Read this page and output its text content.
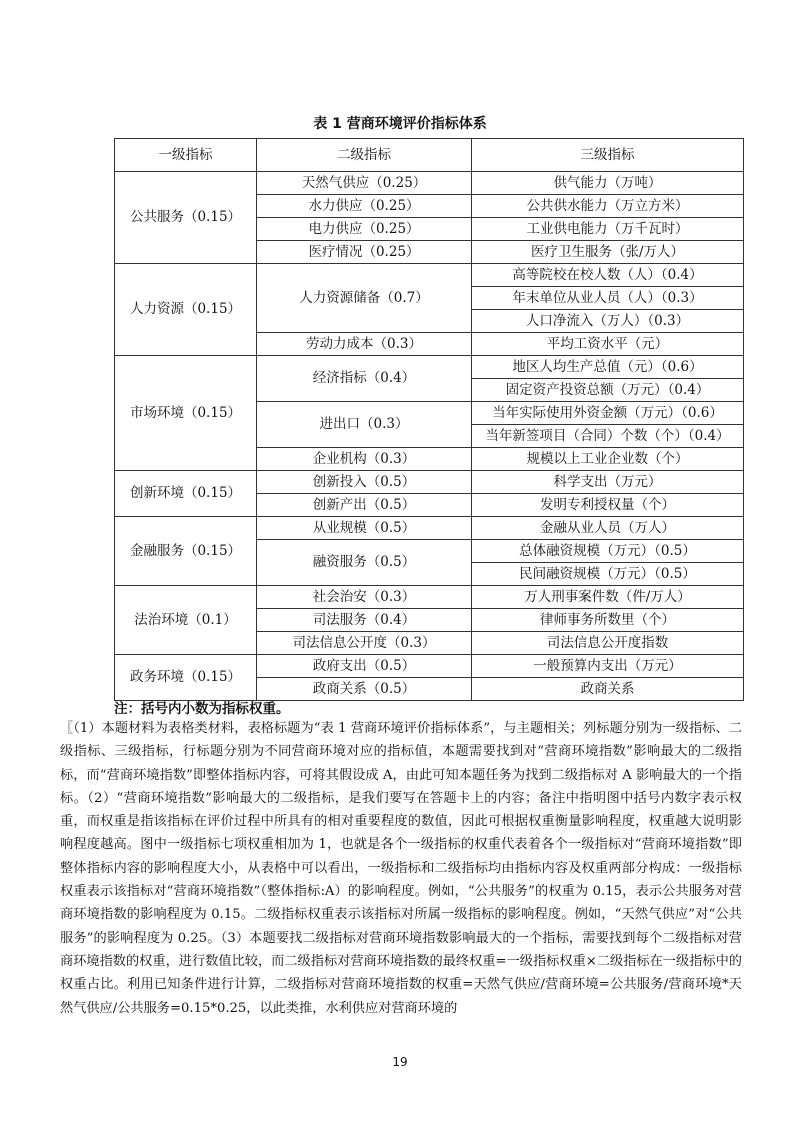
表 1 营商环境评价指标体系
一级指标	二级指标	三级指标
公共服务（0.15）	天然气供应（0.25）	供气能力（万吨）
	水力供应（0.25）	公共供水能力（万立方米）
	电力供应（0.25）	工业供电能力（万千瓦时）
	医疗情况（0.25）	医疗卫生服务（张/万人）
人力资源（0.15）	人力资源储备（0.7）	高等院校在校人数（人）（0.4）
		年末单位从业人员（人）（0.3）
		人口净流入（万人）（0.3）
	劳动力成本（0.3）	平均工资水平（元）
市场环境（0.15）	经济指标（0.4）	地区人均生产总值（元）（0.6）
		固定资产投资总额（万元）（0.4）
	进出口（0.3）	当年实际使用外资金额（万元）（0.6）
		当年新签项目（合同）个数（个）（0.4）
	企业机构（0.3）	规模以上工业企业数（个）
创新环境（0.15）	创新投入（0.5）	科学支出（万元）
	创新产出（0.5）	发明专利授权量（个）
金融服务（0.15）	从业规模（0.5）	金融从业人员（万人）
	融资服务（0.5）	总体融资规模（万元）（0.5）
		民间融资规模（万元）（0.5）
法治环境（0.1）	社会治安（0.3）	万人刑事案件数（件/万人）
	司法服务（0.4）	律师事务所数里（个）
	司法信息公开度（0.3）	司法信息公开度指数
政务环境（0.15）	政府支出（0.5）	一般预算内支出（万元）
	政商关系（0.5）	政商关系
注：括号内小数为指标权重。

〖（1）本题材料为表格类材料，表格标题为“表 1 营商环境评价指标体系”，与主题相关；列标题分别为一级指标、二级指标、三级指标，行标题分别为不同营商环境对应的指标值，本题需要找到对“营商环境指数”影响最大的二级指标，而“营商环境指数”即整体指标内容，可将其假设成 A，由此可知本题任务为找到二级指标对 A 影响最大的一个指标。（2）“营商环境指数”影响最大的二级指标，是我们要写在答题卡上的内容；备注中指明图中括号内数字表示权重，而权重是指该指标在评价过程中所具有的相对重要程度的数值，因此可根据权重衡量影响程度，权重越大说明影响程度越高。图中一级指标七项权重相加为 1，也就是各个一级指标的权重代表着各个一级指标对“营商环境指数”即整体指标内容的影响程度大小，从表格中可以看出，一级指标和二级指标均由指标内容及权重两部分构成：一级指标权重表示该指标对“营商环境指数”（整体指标:A）的影响程度。例如，“公共服务”的权重为 0.15，表示公共服务对营商环境指数的影响程度为 0.15。二级指标权重表示该指标对所属一级指标的影响程度。例如，“天然气供应”对“公共服务”的影响程度为 0.25。（3）本题要找二级指标对营商环境指数影响最大的一个指标，需要找到每个二级指标对营商环境指数的权重，进行数值比较，而二级指标对营商环境指数的最终权重=一级指标权重×二级指标在一级指标中的权重占比。利用已知条件进行计算，二级指标对营商环境指数的权重=天然气供应/营商环境=公共服务/营商环境*天然气供应/公共服务=0.15*0.25，以此类推，水利供应对营商环境的

19
